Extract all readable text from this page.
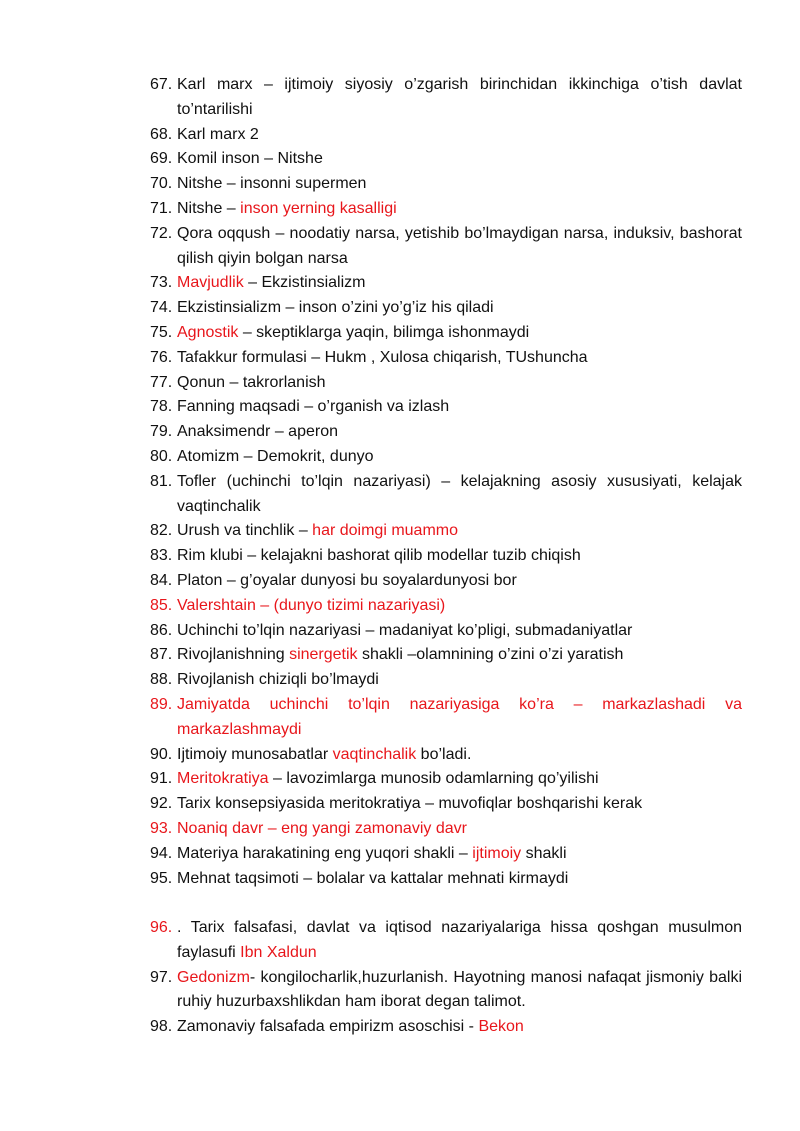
67. Karl marx – ijtimoiy siyosiy o’zgarish birinchidan ikkinchiga o’tish davlat to’ntarilishi
68. Karl marx 2
69. Komil inson – Nitshe
70. Nitshe – insonni supermen
71. Nitshe – inson yerning kasalligi
72. Qora oqqush – noodatiy narsa, yetishib bo’lmaydigan narsa, induksiv, bashorat qilish qiyin bolgan narsa
73. Mavjudlik – Ekzistinsializm
74. Ekzistinsializm – inson o’zini yo’g’iz his qiladi
75. Agnostik – skeptiklarga yaqin, bilimga ishonmaydi
76. Tafakkur formulasi – Hukm , Xulosa chiqarish, TUshuncha
77. Qonun – takrorlanish
78. Fanning maqsadi – o’rganish va izlash
79. Anaksimendr – aperon
80. Atomizm – Demokrit, dunyo
81. Tofler (uchinchi to’lqin nazariyasi) – kelajakning asosiy xususiyati, kelajak vaqtinchalik
82. Urush va tinchlik – har doimgi muammo
83. Rim klubi – kelajakni bashorat qilib modellar tuzib chiqish
84. Platon – g’oyalar dunyosi bu soyalardunyosi bor
85. Valershtain – (dunyo tizimi nazariyasi)
86. Uchinchi to’lqin nazariyasi – madaniyat ko’pligi, submadaniyatlar
87. Rivojlanishning sinergetik shakli –olamnining o’zini o’zi yaratish
88. Rivojlanish chiziqli bo’lmaydi
89. Jamiyatda uchinchi to’lqin nazariyasiga ko’ra – markazlashadi va markazlashmaydi
90. Ijtimoiy munosabatlar vaqtinchalik bo’ladi.
91. Meritokratiya – lavozimlarga munosib odamlarning qo’yilishi
92. Tarix konsepsiyasida meritokratiya – muvofiqlar boshqarishi kerak
93. Noaniq davr – eng yangi zamonaviy davr
94. Materiya harakatining eng yuqori shakli – ijtimoiy shakli
95. Mehnat taqsimoti – bolalar va kattalar mehnati kirmaydi
96. . Tarix falsafasi, davlat va iqtisod nazariyalariga hissa qoshgan musulmon faylasufi Ibn Xaldun
97. Gedonizm- kongilocharlik,huzurlanish. Hayotning manosi nafaqat jismoniy balki ruhiy huzurbaxshlikdan ham iborat degan talimot.
98. Zamonaviy falsafada empirizm asoschisi - Bekon
